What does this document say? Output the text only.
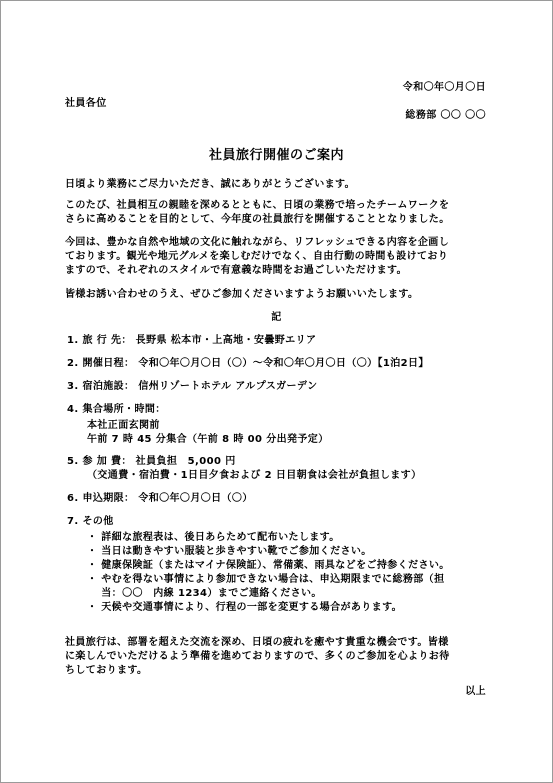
令和〇年〇月〇日
社員各位
総務部 〇〇 〇〇
社員旅行開催のご案内
日頃より業務にご尽力いただき、誠にありがとうございます。
このたび、社員相互の親睦を深めるとともに、日頃の業務で培ったチームワークを
さらに高めることを目的として、今年度の社員旅行を開催することとなりました。
今回は、豊かな自然や地域の文化に触れながら、リフレッシュできる内容を企画し
ております。観光や地元グルメを楽しむだけでなく、自由行動の時間も設けており
ますので、それぞれのスタイルで有意義な時間をお過ごしいただけます。
皆様お誘い合わせのうえ、ぜひご参加くださいますようお願いいたします。
記
1. 旅 行 先： 長野県 松本市・上高地・安曇野エリア
2. 開催日程： 令和〇年〇月〇日（〇）～令和〇年〇月〇日（〇）【1泊2日】
3. 宿泊施設： 信州リゾートホテル アルプスガーデン
4. 集合場所・時間：
本社正面玄関前
午前 7 時 45 分集合（午前 8 時 00 分出発予定）
5. 参 加 費： 社員負担　5,000 円
（交通費・宿泊費・1日目夕食および 2 日目朝食は会社が負担します）
6. 申込期限： 令和〇年〇月〇日（〇）
7. その他
・ 詳細な旅程表は、後日あらためて配布いたします。
・ 当日は動きやすい服装と歩きやすい靴でご参加ください。
・ 健康保険証（またはマイナ保険証）、常備薬、雨具などをご持参ください。
・ やむを得ない事情により参加できない場合は、申込期限までに総務部（担
　 当：〇〇　内線 1234）までご連絡ください。
・ 天候や交通事情により、行程の一部を変更する場合があります。
社員旅行は、部署を超えた交流を深め、日頃の疲れを癒やす貴重な機会です。皆様
に楽しんでいただけるよう準備を進めておりますので、多くのご参加を心よりお待
ちしております。
以上
